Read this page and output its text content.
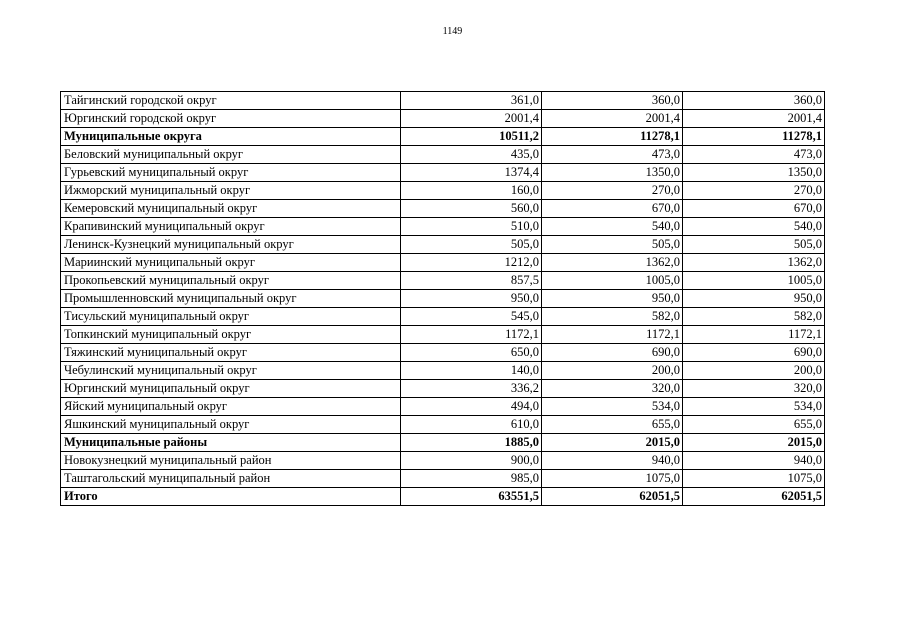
1149
Тайгинский городской округ	361,0	360,0	360,0
Юргинский городской округ	2001,4	2001,4	2001,4
Муниципальные округа	10511,2	11278,1	11278,1
Беловский муниципальный округ	435,0	473,0	473,0
Гурьевский муниципальный округ	1374,4	1350,0	1350,0
Ижморский муниципальный округ	160,0	270,0	270,0
Кемеровский муниципальный округ	560,0	670,0	670,0
Крапивинский муниципальный округ	510,0	540,0	540,0
Ленинск-Кузнецкий муниципальный округ	505,0	505,0	505,0
Мариинский муниципальный округ	1212,0	1362,0	1362,0
Прокопьевский муниципальный округ	857,5	1005,0	1005,0
Промышленновский муниципальный округ	950,0	950,0	950,0
Тисульский муниципальный округ	545,0	582,0	582,0
Топкинский муниципальный округ	1172,1	1172,1	1172,1
Тяжинский муниципальный округ	650,0	690,0	690,0
Чебулинский муниципальный округ	140,0	200,0	200,0
Юргинский муниципальный округ	336,2	320,0	320,0
Яйский муниципальный округ	494,0	534,0	534,0
Яшкинский муниципальный округ	610,0	655,0	655,0
Муниципальные районы	1885,0	2015,0	2015,0
Новокузнецкий муниципальный район	900,0	940,0	940,0
Таштагольский муниципальный район	985,0	1075,0	1075,0
Итого	63551,5	62051,5	62051,5
